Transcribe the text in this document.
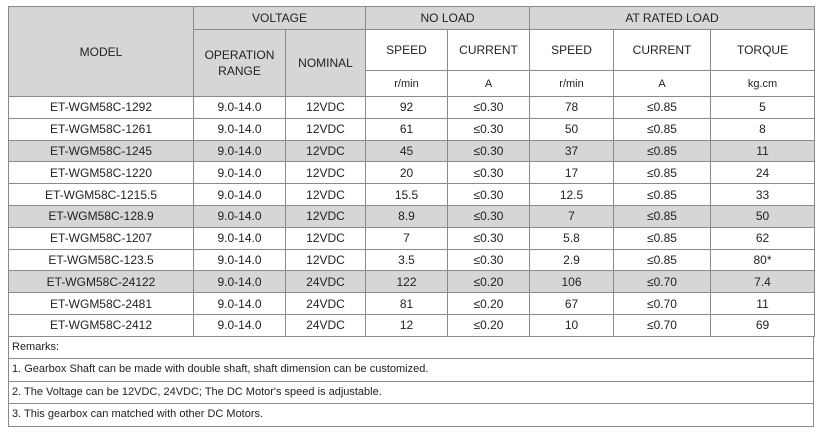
MODEL	VOLTAGE		NO LOAD		AT RATED LOAD		
	OPERATION RANGE	NOMINAL	SPEED	CURRENT	SPEED	CURRENT	TORQUE
			r/min	A	r/min	A	kg.cm
ET-WGM58C-1292	9.0-14.0	12VDC	92	≤0.30	78	≤0.85	5
ET-WGM58C-1261	9.0-14.0	12VDC	61	≤0.30	50	≤0.85	8
ET-WGM58C-1245	9.0-14.0	12VDC	45	≤0.30	37	≤0.85	11
ET-WGM58C-1220	9.0-14.0	12VDC	20	≤0.30	17	≤0.85	24
ET-WGM58C-1215.5	9.0-14.0	12VDC	15.5	≤0.30	12.5	≤0.85	33
ET-WGM58C-128.9	9.0-14.0	12VDC	8.9	≤0.30	7	≤0.85	50
ET-WGM58C-1207	9.0-14.0	12VDC	7	≤0.30	5.8	≤0.85	62
ET-WGM58C-123.5	9.0-14.0	12VDC	3.5	≤0.30	2.9	≤0.85	80*
ET-WGM58C-24122	9.0-14.0	24VDC	122	≤0.20	106	≤0.70	7.4
ET-WGM58C-2481	9.0-14.0	24VDC	81	≤0.20	67	≤0.70	11
ET-WGM58C-2412	9.0-14.0	24VDC	12	≤0.20	10	≤0.70	69
Remarks:
1. Gearbox Shaft can be made with double shaft, shaft dimension can be customized.
2. The Voltage can be 12VDC, 24VDC; The DC Motor's speed is adjustable.
3. This gearbox can matched with other DC Motors.
